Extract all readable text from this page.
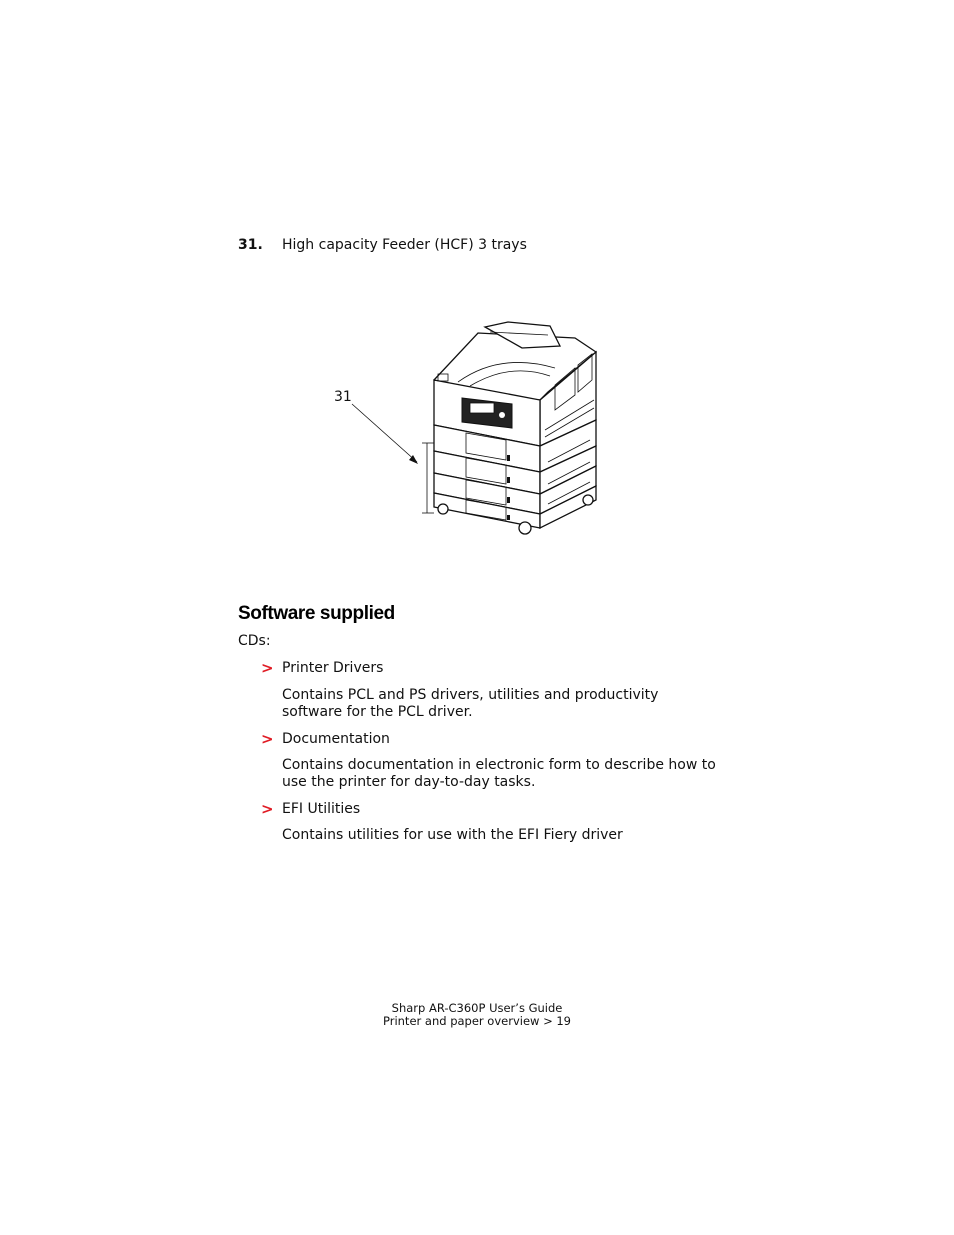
31. High capacity Feeder (HCF) 3 trays
31
Software supplied
CDs:
> Printer Drivers
Contains PCL and PS drivers, utilities and productivity
software for the PCL driver.
> Documentation
Contains documentation in electronic form to describe how to
use the printer for day-to-day tasks.
> EFI Utilities
Contains utilities for use with the EFI Fiery driver
Sharp AR-C360P User’s Guide
Printer and paper overview > 19
